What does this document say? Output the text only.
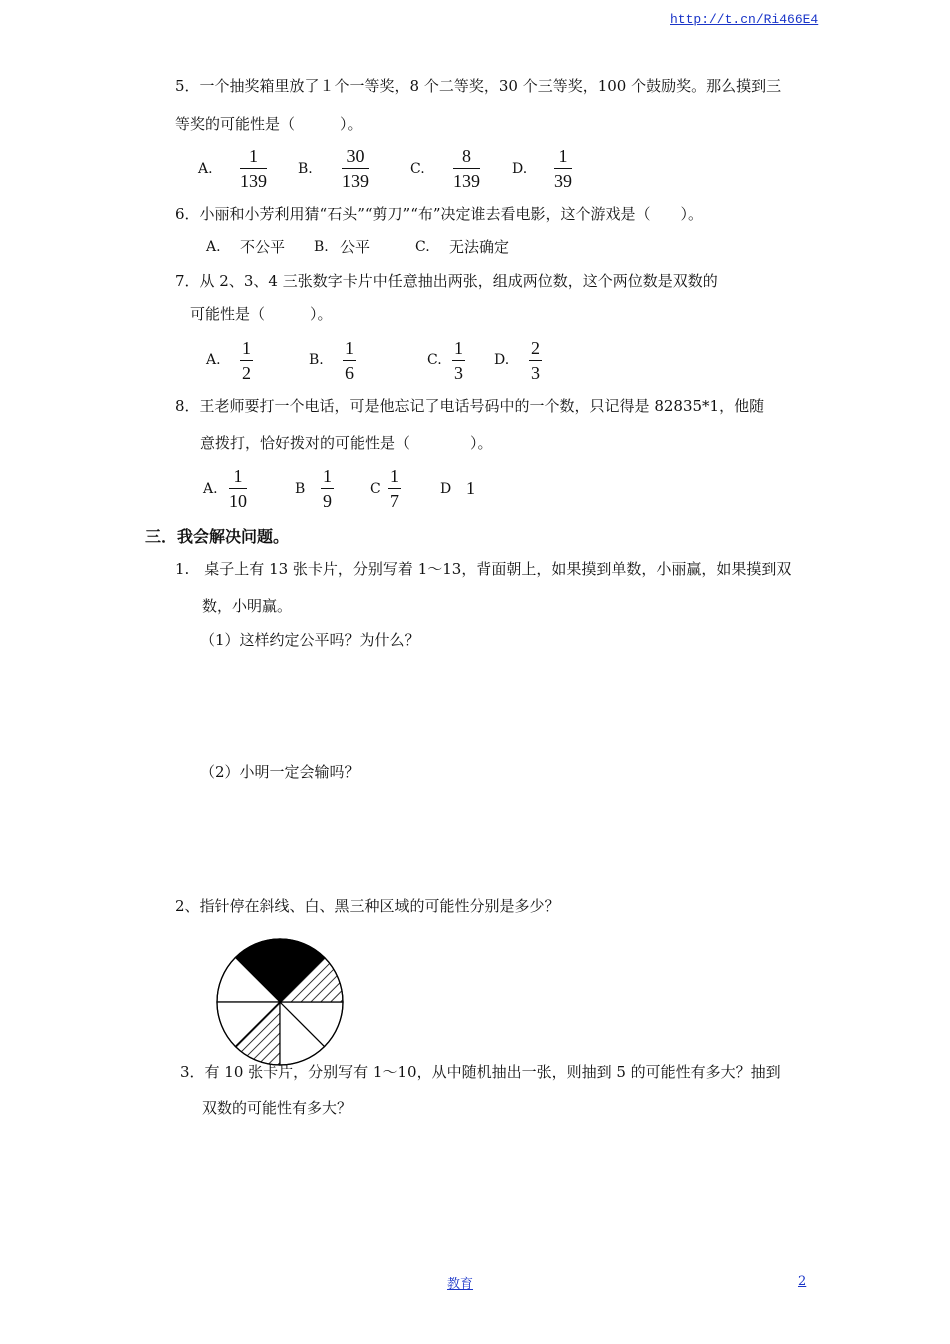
http://t.cn/Ri466E4
5．一个抽奖箱里放了１个一等奖，8 个二等奖，30 个三等奖，100 个鼓励奖。那么摸到三
等奖的可能性是（　　　）。
A.
1
139
B.
30
139
C.
8
139
D.
1
39
6．小丽和小芳利用猜“石头”“剪刀”“布”决定谁去看电影，这个游戏是（　　）。
A. 不公平 B. 公平	C. 无法确定
7．从 2、3、4 三张数字卡片中任意抽出两张，组成两位数，这个两位数是双数的
可能性是（　　　）。
A.
1
2
B.
1
6
C.
1
3
D.
2
3
8．王老师要打一个电话，可是他忘记了电话号码中的一个数，只记得是 82835*1，他随
意拨打，恰好拨对的可能性是（　　　　）。
A.
1
10
B
1
9
C
1
7
D 1
三．我会解决问题。
1.　桌子上有 13 张卡片，分别写着 1～13，背面朝上，如果摸到单数，小丽赢，如果摸到双
数，小明赢。
（1）这样约定公平吗？为什么？
（2）小明一定会输吗？
2、指针停在斜线、白、黑三种区域的可能性分别是多少？
3．有 10 张卡片，分别写有 1～10，从中随机抽出一张，则抽到 5 的可能性有多大？抽到
双数的可能性有多大？
教育	2
